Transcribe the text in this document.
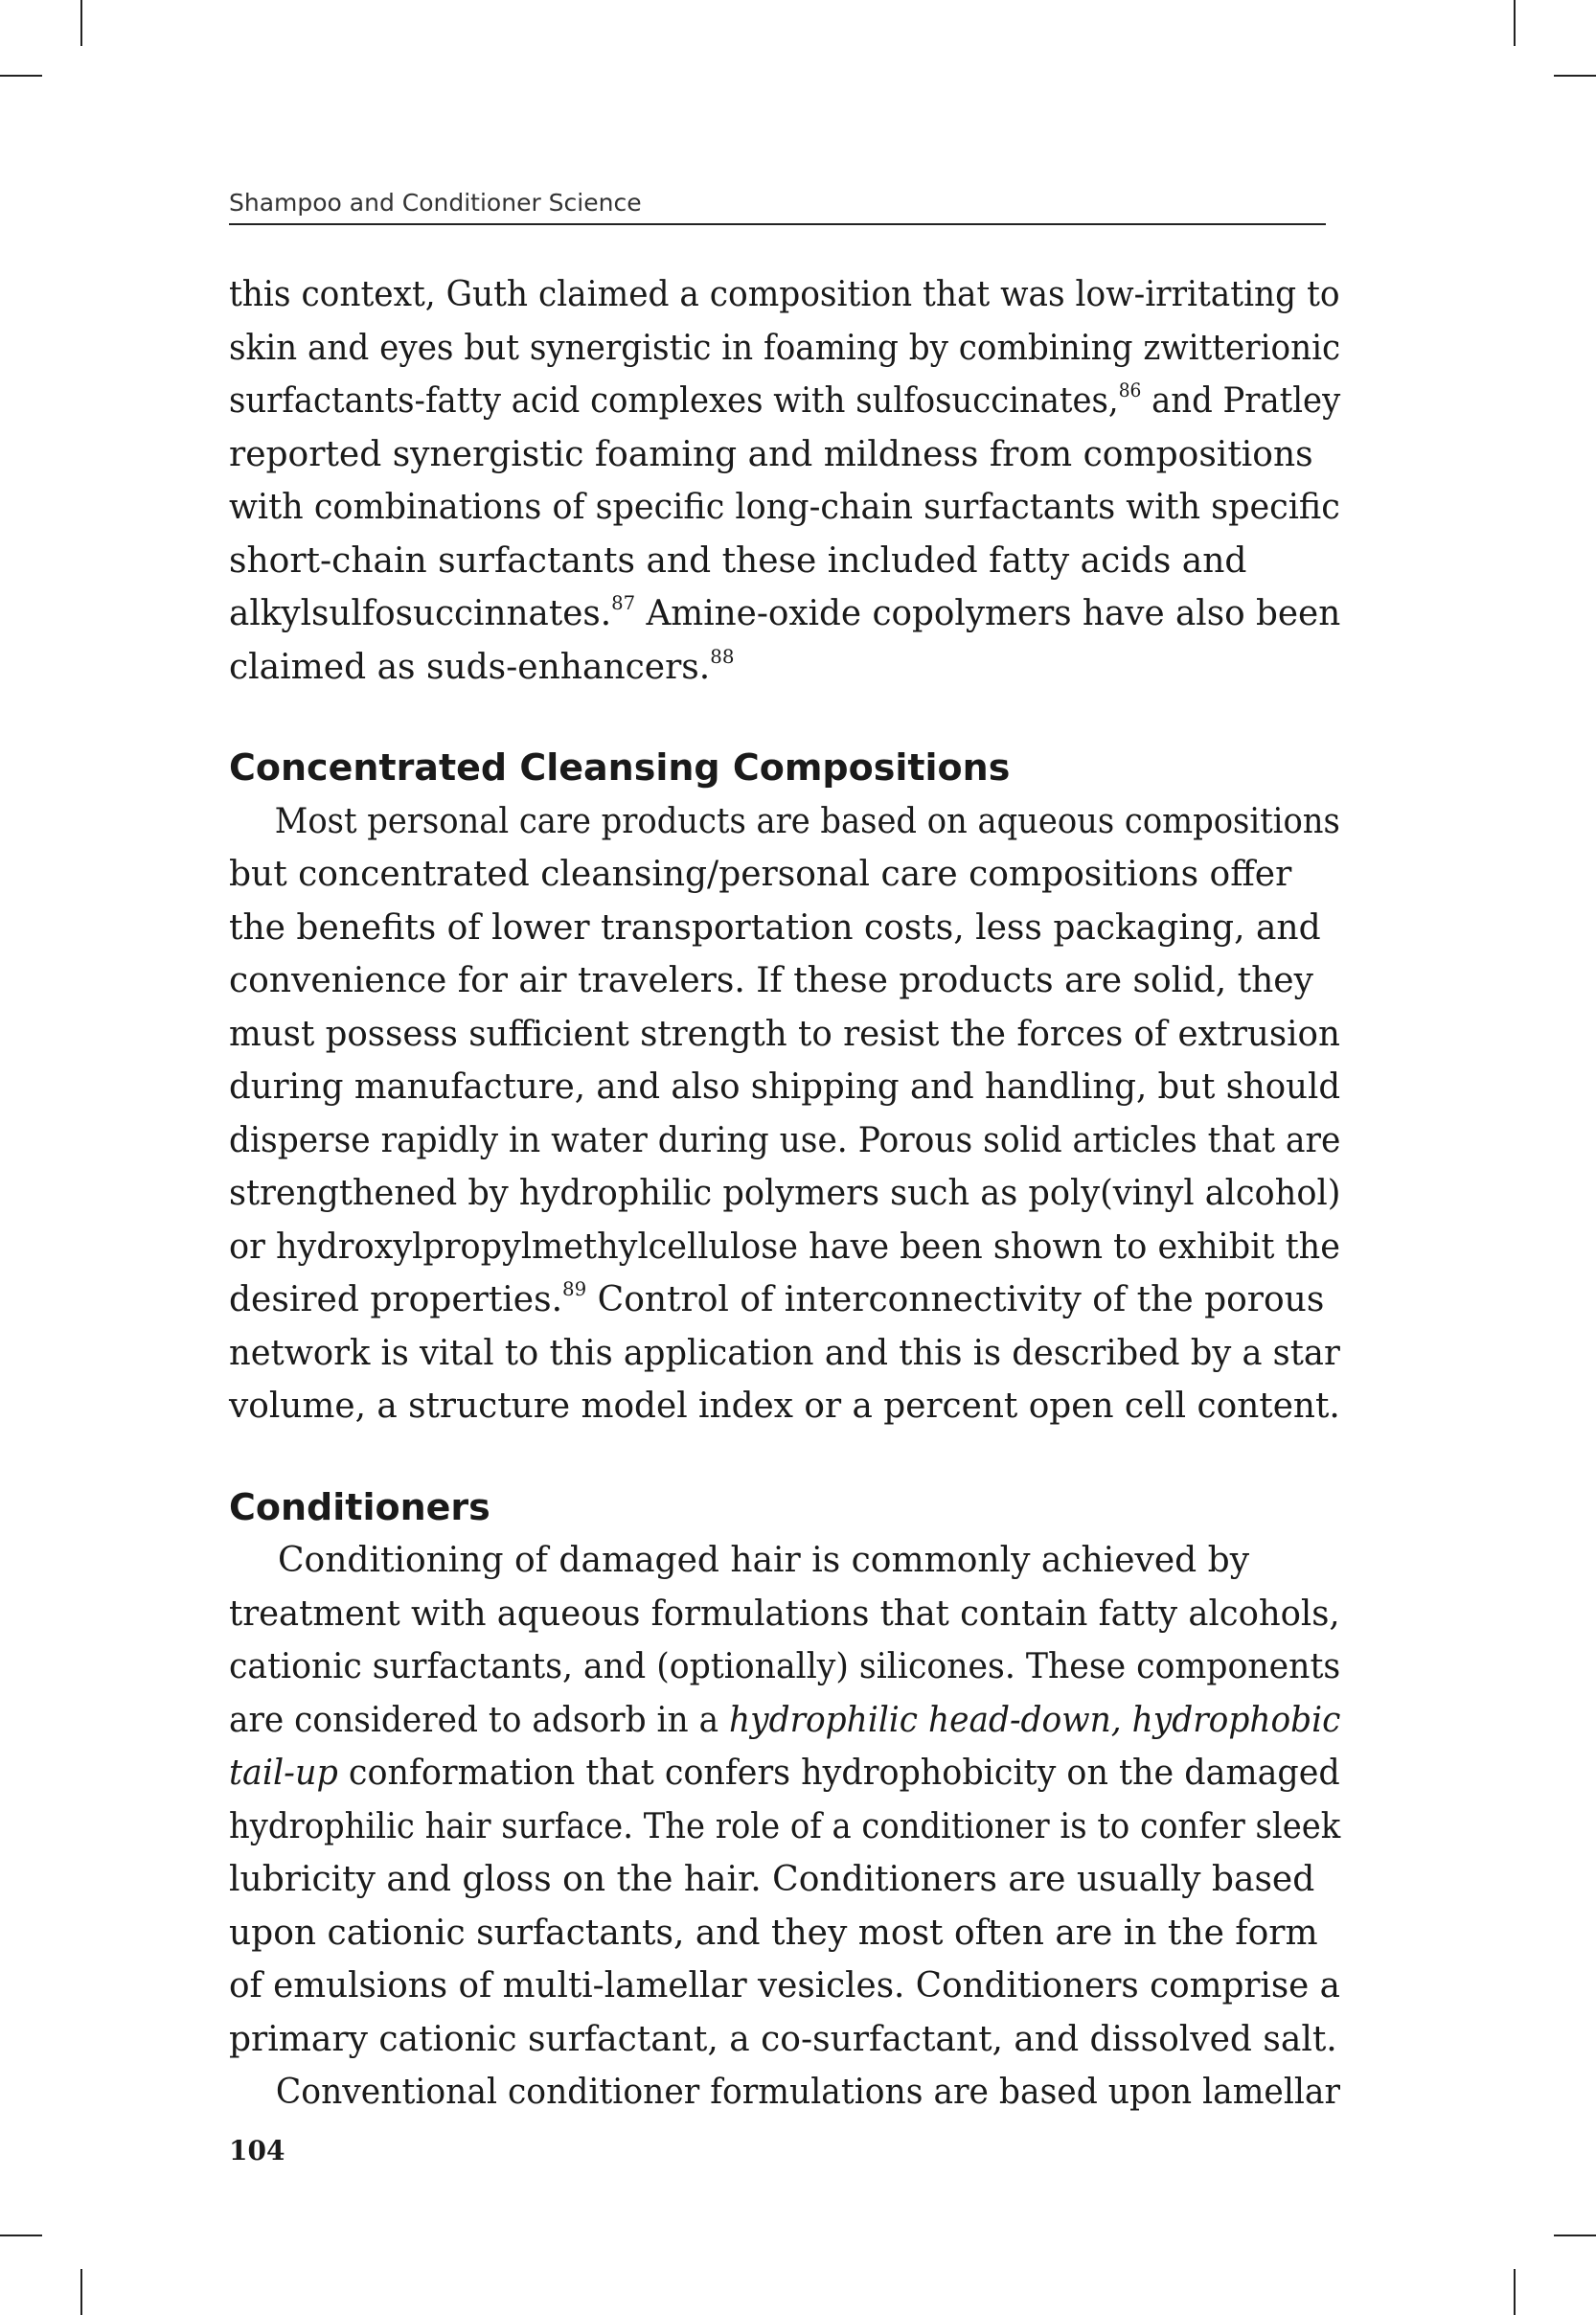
Shampoo and Conditioner Science
this context, Guth claimed a composition that was low-irritating to
skin and eyes but synergistic in foaming by combining zwitterionic
surfactants-fatty acid complexes with sulfosuccinates,$^{86}$ and Pratley
reported synergistic foaming and mildness from compositions
with combinations of specific long-chain surfactants with specific
short-chain surfactants and these included fatty acids and
alkylsulfosuccinnates.$^{87}$ Amine-oxide copolymers have also been
claimed as suds-enhancers.$^{88}$
Concentrated Cleansing Compositions
Most personal care products are based on aqueous compositions
but concentrated cleansing/personal care compositions offer
the benefits of lower transportation costs, less packaging, and
convenience for air travelers. If these products are solid, they
must possess sufficient strength to resist the forces of extrusion
during manufacture, and also shipping and handling, but should
disperse rapidly in water during use. Porous solid articles that are
strengthened by hydrophilic polymers such as poly(vinyl alcohol)
or hydroxylpropylmethylcellulose have been shown to exhibit the
desired properties.$^{89}$ Control of interconnectivity of the porous
network is vital to this application and this is described by a star
volume, a structure model index or a percent open cell content.
Conditioners
Conditioning of damaged hair is commonly achieved by
treatment with aqueous formulations that contain fatty alcohols,
cationic surfactants, and (optionally) silicones. These components
are considered to adsorb in a hydrophilic head-down, hydrophobic
tail-up conformation that confers hydrophobicity on the damaged
hydrophilic hair surface. The role of a conditioner is to confer sleek
lubricity and gloss on the hair. Conditioners are usually based
upon cationic surfactants, and they most often are in the form
of emulsions of multi-lamellar vesicles. Conditioners comprise a
primary cationic surfactant, a co-surfactant, and dissolved salt.
Conventional conditioner formulations are based upon lamellar
104
